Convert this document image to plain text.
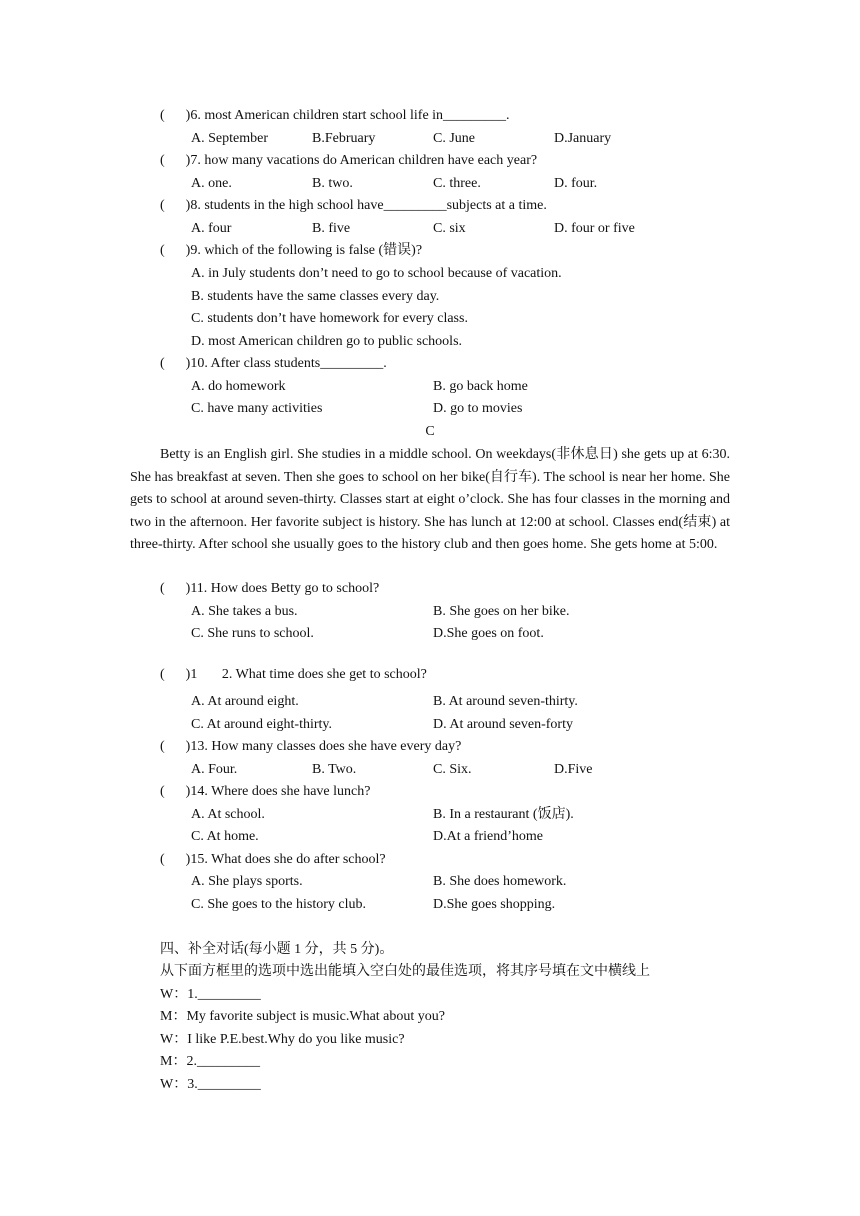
(      )6. most American children start school life in_________.
A. September	B.February	C. June	D.January
(      )7. how many vacations do American children have each year?
A. one.	B. two.	C. three.	D. four.
(      )8. students in the high school have_________subjects at a time.
A. four	B. five	C. six	D. four or five
(      )9. which of the following is false (错误)?
A. in July students don’t need to go to school because of vacation.
B. students have the same classes every day.
C. students don’t have homework for every class.
D. most American children go to public schools.
(      )10. After class students_________.
A. do homework	B. go back home
C. have many activities	D. go to movies
C
Betty is an English girl. She studies in a middle school. On weekdays(非休息日) she gets up at 6:30. She has breakfast at seven. Then she goes to school on her bike(自行车). The school is near her home. She gets to school at around seven-thirty. Classes start at eight o’clock. She has four classes in the morning and two in the afternoon. Her favorite subject is history. She has lunch at 12:00 at school. Classes end(结束) at three-thirty. After school she usually goes to the history club and then goes home. She gets home at 5:00.
(      )11. How does Betty go to school?
A. She takes a bus.	B. She goes on her bike.
C. She runs to school.	D.She goes on foot.
(      )1       2. What time does she get to school?
A. At around eight.	B. At around seven-thirty.
C. At around eight-thirty.	D. At around seven-forty
(      )13. How many classes does she have every day?
A. Four.	B. Two.	C. Six.	D.Five
(      )14. Where does she have lunch?
A. At school.	B. In a restaurant (饭店).
C. At home.	D.At a friend’home
(      )15. What does she do after school?
A. She plays sports.	B. She does homework.
C. She goes to the history club.	D.She goes shopping.
四、补全对话(每小题 1 分，共 5 分)。
从下面方框里的选项中选出能填入空白处的最佳选项，将其序号填在文中横线上
W：1._________
M：My favorite subject is music.What about you?
W：I like P.E.best.Why do you like music?
M：2._________
W：3._________
